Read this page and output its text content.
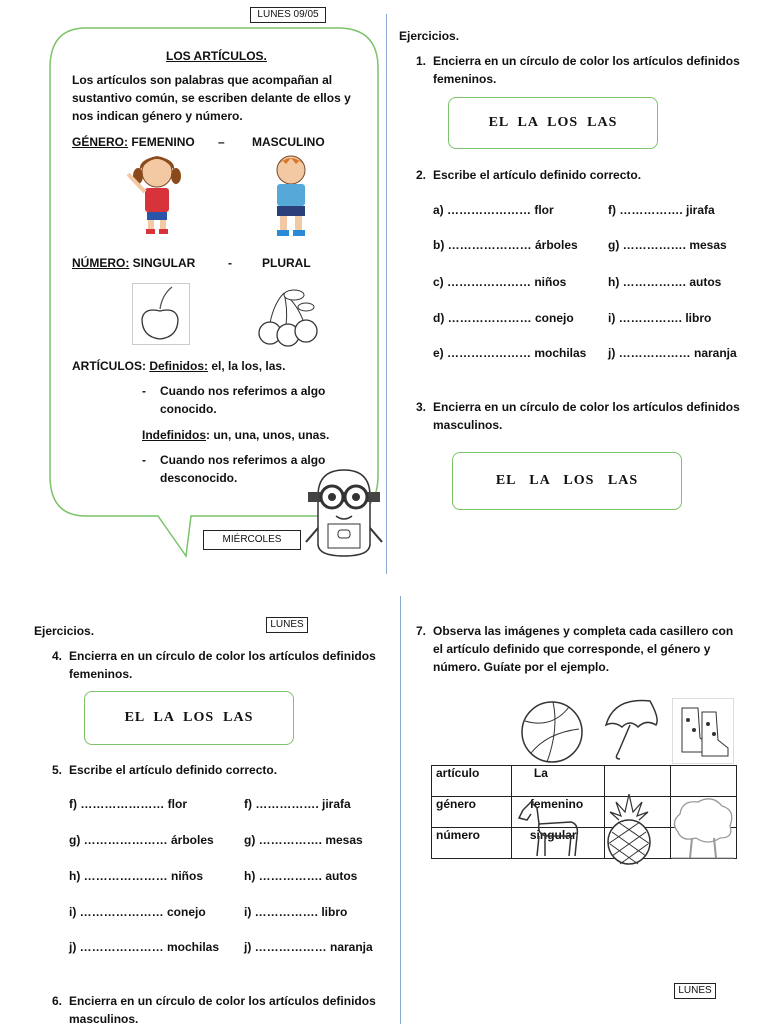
LUNES 09/05
LOS ARTÍCULOS.
Los artículos son palabras que acompañan al sustantivo común, se escriben delante de ellos y nos indican género y número.
GÉNERO: FEMENINO	– MASCULINO
NÚMERO: SINGULAR	-	PLURAL
ARTÍCULOS: Definidos: el, la los, las.
- Cuando nos referimos a algo conocido.
Indefinidos: un, una, unos, unas.
- Cuando nos referimos a algo desconocido.
MIÉRCOLES
Ejercicios.
1. Encierra en un círculo de color los artículos definidos femeninos.
EL  LA  LOS  LAS
2. Escribe el artículo definido correcto.
a) ………………… flor	f) ……………. jirafa
b) ………………… árboles	g) ……………. mesas
c) ………………… niños	h) ……………. autos
d) ………………… conejo	i) ……………. libro
e) ………………… mochilas j) ……………… naranja
3. Encierra en un círculo de color los artículos definidos masculinos.
EL   LA   LOS   LAS
Ejercicios.	LUNES
4. Encierra en un círculo de color los artículos definidos femeninos.
EL  LA  LOS  LAS
5. Escribe el artículo definido correcto.
f) ………………… flor	f) ……………. jirafa
g) ………………… árboles	g) ……………. mesas
h) ………………… niños	h) ……………. autos
i) ………………… conejo	i) ……………. libro
j) ………………… mochilas j) ……………… naranja
6. Encierra en un círculo de color los artículos definidos masculinos.
7. Observa las imágenes y completa cada casillero con el artículo definido que corresponde, el género y número. Guíate por el ejemplo.
artículo	La		
género	femenino		
número	singular		
LUNES
